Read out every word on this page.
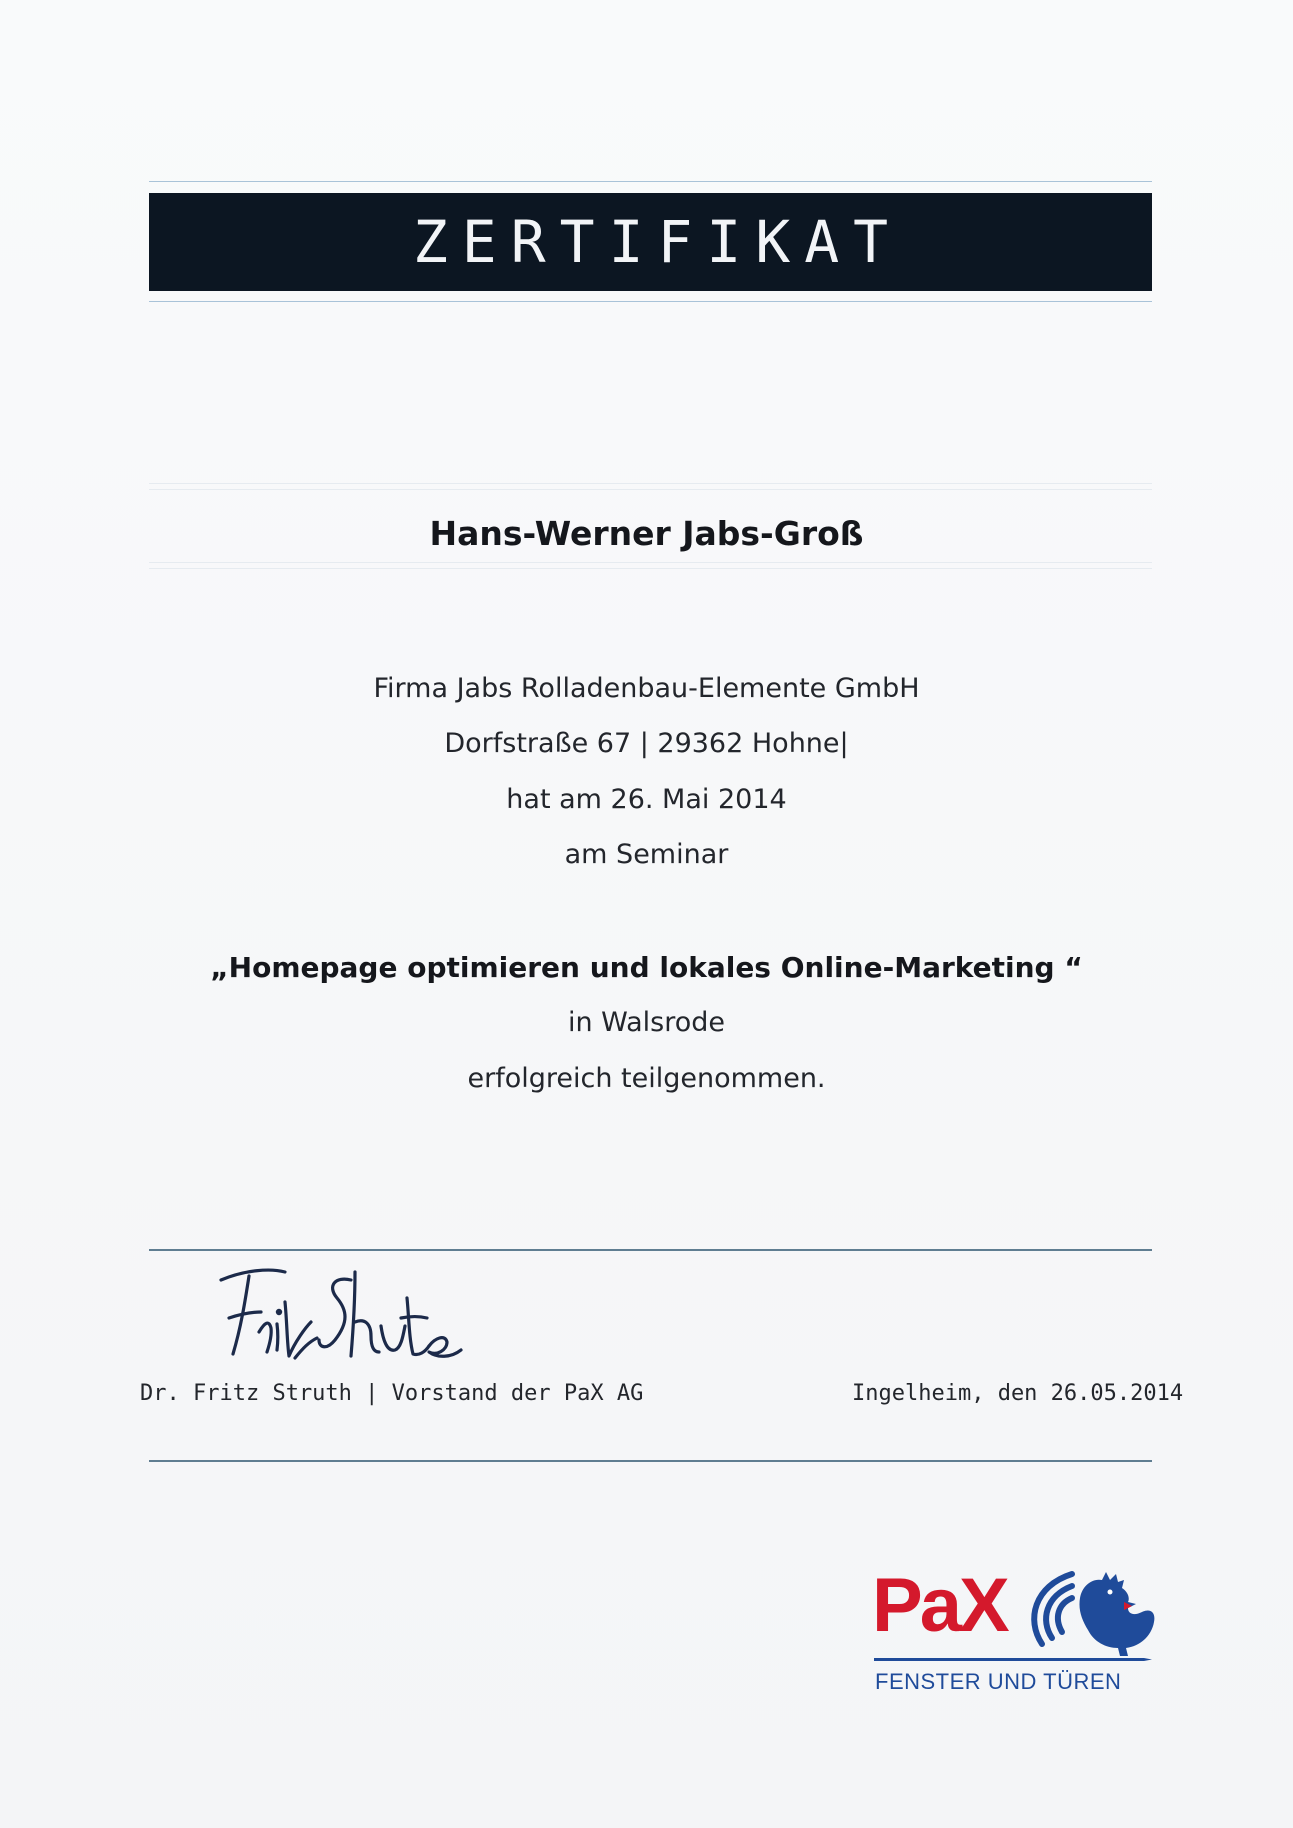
ZERTIFIKAT
Hans-Werner Jabs-Groß
Firma Jabs Rolladenbau-Elemente GmbH
Dorfstraße 67 | 29362 Hohne|
hat am 26. Mai 2014
am Seminar
„Homepage optimieren und lokales Online-Marketing “
in Walsrode
erfolgreich teilgenommen.
Dr. Fritz Struth | Vorstand der PaX AG	Ingelheim, den 26.05.2014
PaX
FENSTER UND TÜREN
